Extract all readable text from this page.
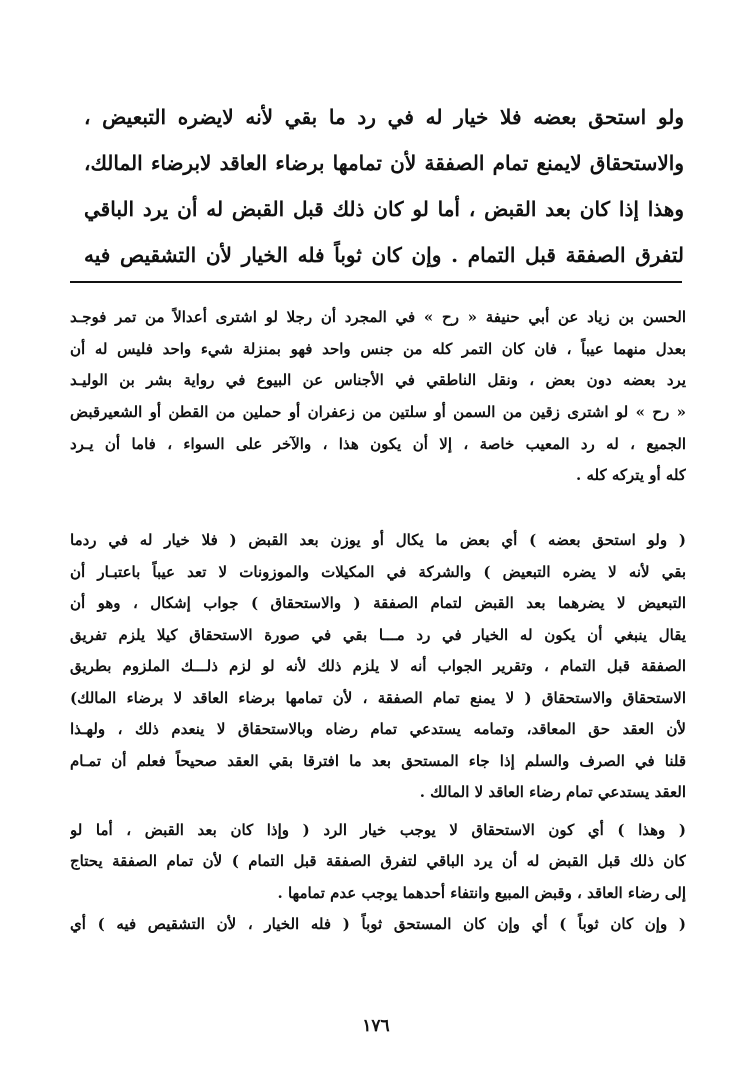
ولو استحق بعضه فلا خيار له في رد ما بقي لأنه لايضره التبعيض ،
والاستحقاق لايمنع تمام الصفقة لأن تمامها برضاء العاقد لابرضاء المالك،
وهذا إذا كان بعد القبض ، أما لو كان ذلك قبل القبض له أن يرد الباقي
لتفرق الصفقة قبل التمام . وإن كان ثوباً فله الخيار لأن التشقيص فيه
الحسن بن زياد عن أبي حنيفة « رح » في المجرد أن رجلا لو اشترى أعدالاً من تمر فوجـد
بعدل منهما عيباً ، فان كان التمر كله من جنس واحد فهو بمنزلة شيء واحد فليس له أن
يرد بعضه دون بعض ، ونقل الناطقي في الأجناس عن البيوع في رواية بشر بن الوليـد
« رح » لو اشترى زقين من السمن أو سلتين من زعفران أو حملين من القطن أو الشعيرقبض
الجميع ، له رد المعيب خاصة ، إلا أن يكون هذا ، والآخر على السواء ، فاما أن يـرد
كله أو يتركه كله .
( ولو استحق بعضه ) أي بعض ما يكال أو يوزن بعد القبض ( فلا خيار له في ردما
بقي لأنه لا يضره التبعيض ) والشركة في المكيلات والموزونات لا تعد عيباً باعتبـار أن
التبعيض لا يضرهما بعد القبض لتمام الصفقة ( والاستحقاق ) جواب إشكال ، وهو أن
يقال ينبغي أن يكون له الخيار في رد مـــا بقي في صورة الاستحقاق كيلا يلزم تفريق
الصفقة قبل التمام ، وتقرير الجواب أنه لا يلزم ذلك لأنه لو لزم ذلـــك الملزوم بطريق
الاستحقاق والاستحقاق ( لا يمنع تمام الصفقة ، لأن تمامها برضاء العاقد لا برضاء المالك)
لأن العقد حق المعاقد، وتمامه يستدعي تمام رضاه وبالاستحقاق لا ينعدم ذلك ، ولهـذا
قلنا في الصرف والسلم إذا جاء المستحق بعد ما افترقا بقي العقد صحيحاً فعلم أن تمـام
العقد يستدعي تمام رضاء العاقد لا المالك .
( وهذا ) أي كون الاستحقاق لا يوجب خيار الرد ( وإذا كان بعد القبض ، أما لو
كان ذلك قبل القبض له أن يرد الباقي لتفرق الصفقة قبل التمام ) لأن تمام الصفقة يحتاج
إلى رضاء العاقد ، وقبض المبيع وانتفاء أحدهما يوجب عدم تمامها .
( وإن كان ثوباً ) أي وإن كان المستحق ثوباً ( فله الخيار ، لأن التشقيص فيه ) أي
١٧٦
